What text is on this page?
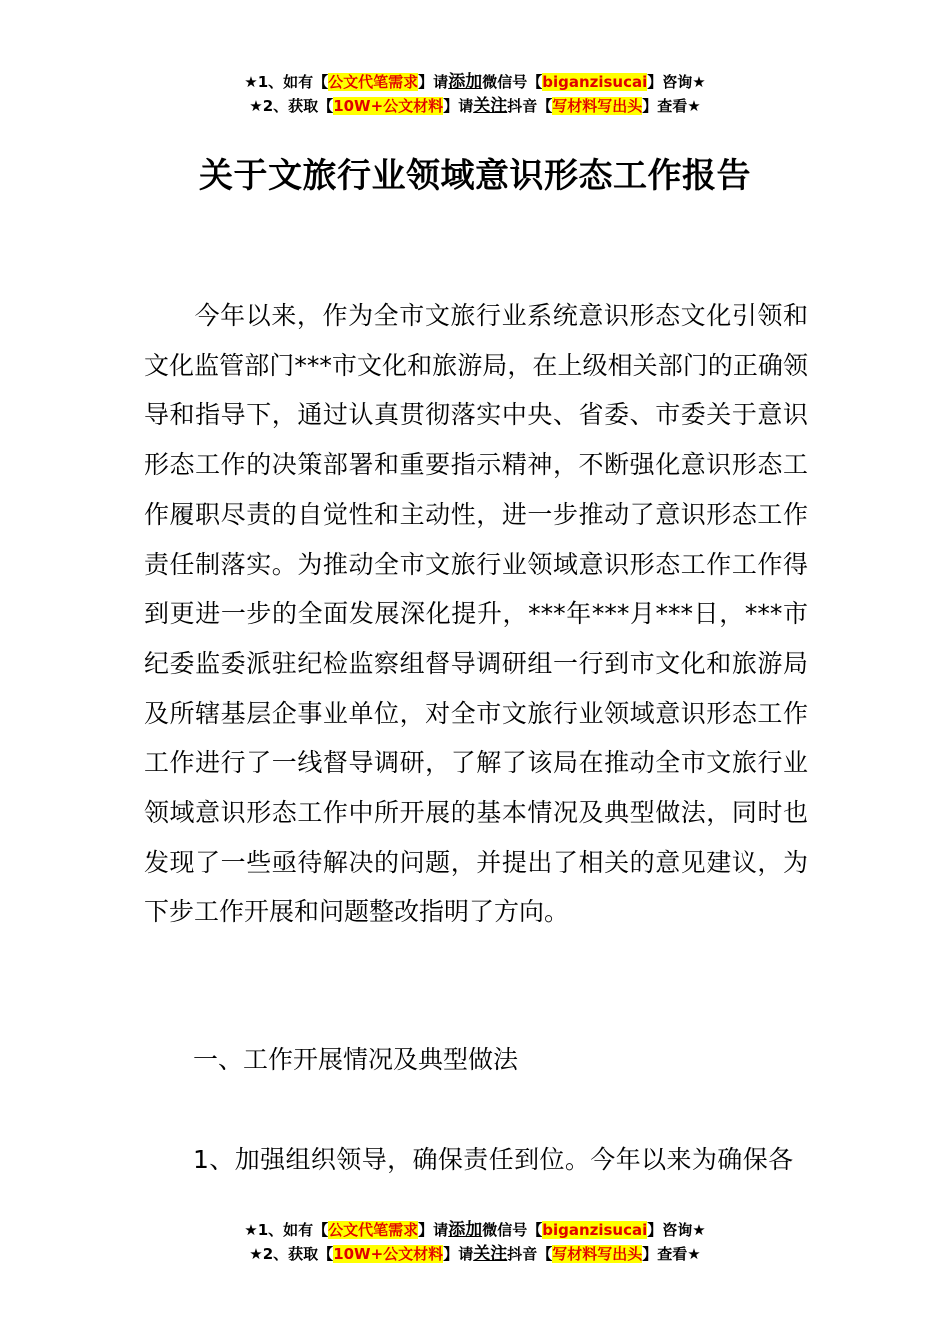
★1、如有【公文代笔需求】请添加微信号【biganzisucai】咨询★
★2、获取【10W+公文材料】请关注抖音【写材料写出头】查看★
关于文旅行业领域意识形态工作报告

今年以来，作为全市文旅行业系统意识形态文化引领和文化监管部门***市文化和旅游局，在上级相关部门的正确领导和指导下，通过认真贯彻落实中央、省委、市委关于意识形态工作的决策部署和重要指示精神，不断强化意识形态工作履职尽责的自觉性和主动性，进一步推动了意识形态工作责任制落实。为推动全市文旅行业领域意识形态工作工作得到更进一步的全面发展深化提升，***年***月***日，***市纪委监委派驻纪检监察组督导调研组一行到市文化和旅游局及所辖基层企事业单位，对全市文旅行业领域意识形态工作工作进行了一线督导调研，了解了该局在推动全市文旅行业领域意识形态工作中所开展的基本情况及典型做法，同时也发现了一些亟待解决的问题，并提出了相关的意见建议，为下步工作开展和问题整改指明了方向。

一、工作开展情况及典型做法

1、加强组织领导，确保责任到位。今年以来为确保各

★1、如有【公文代笔需求】请添加微信号【biganzisucai】咨询★
★2、获取【10W+公文材料】请关注抖音【写材料写出头】查看★
